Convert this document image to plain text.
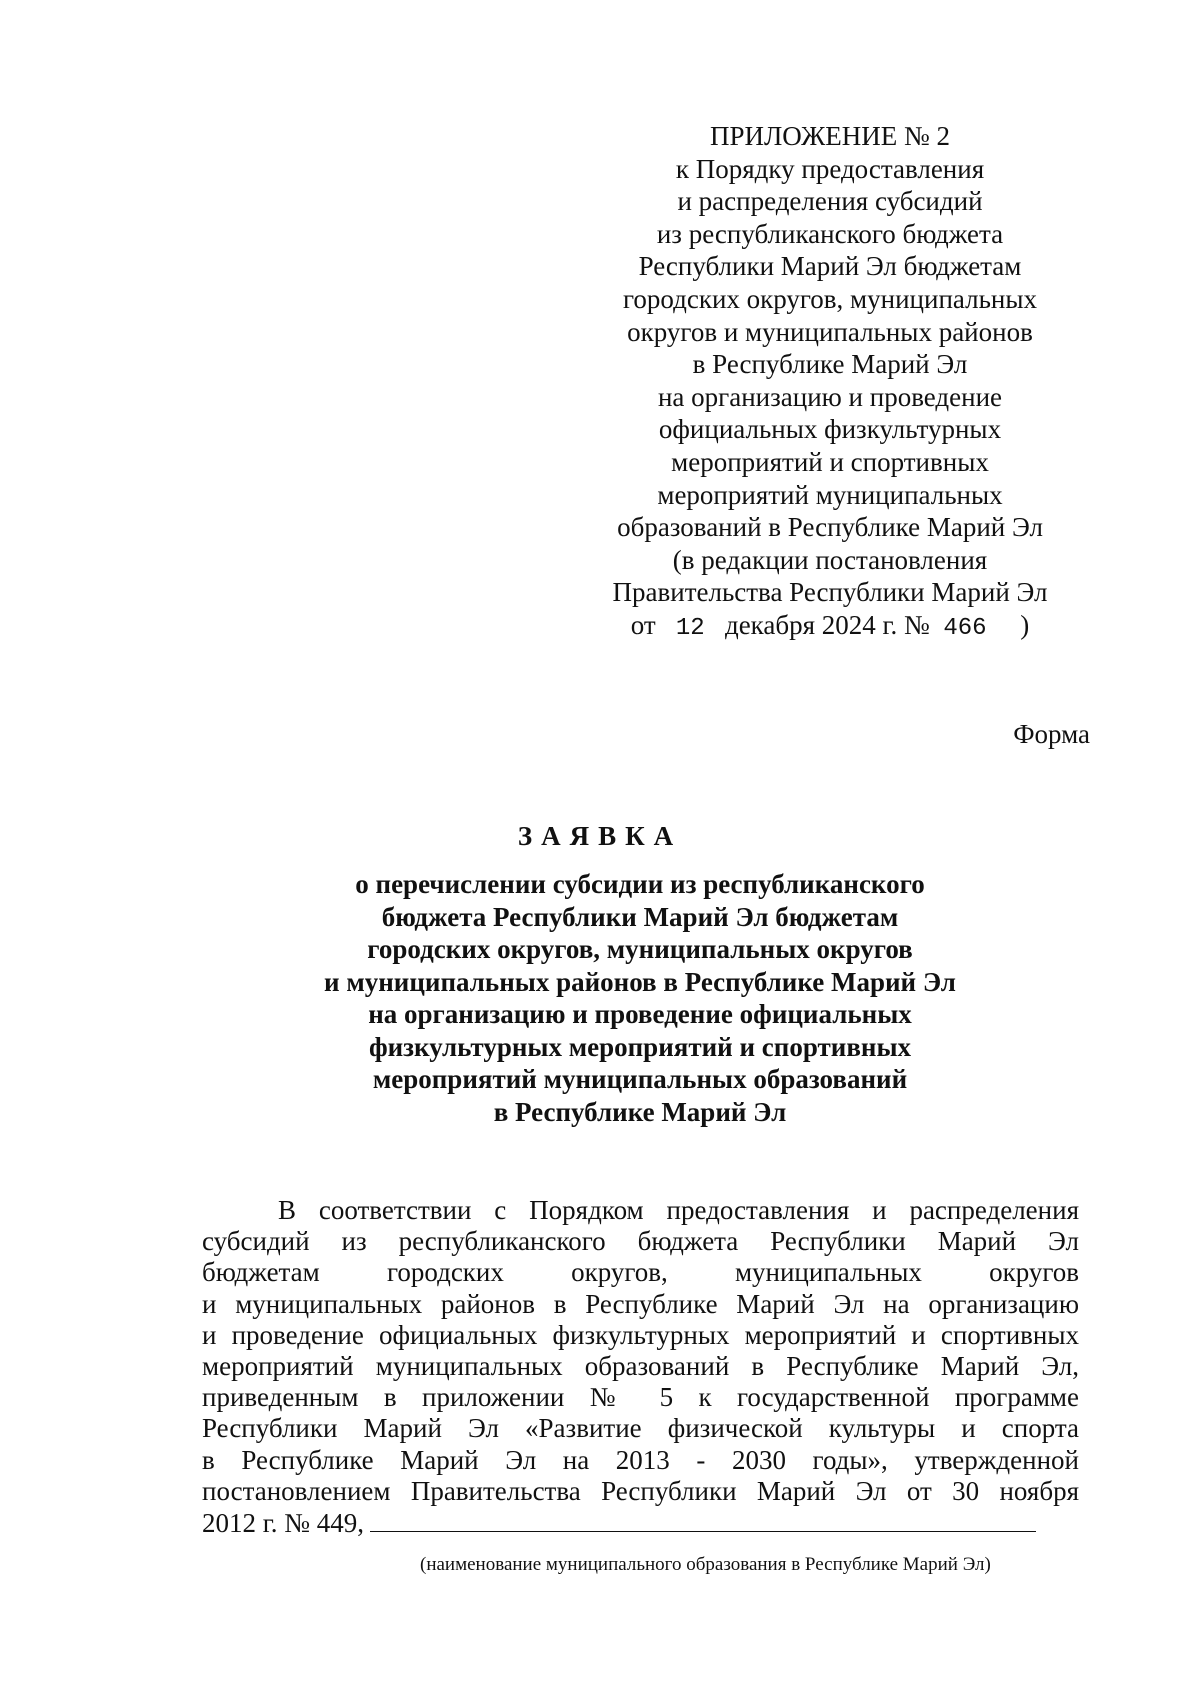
ПРИЛОЖЕНИЕ № 2
к Порядку предоставления
и распределения субсидий
из республиканского бюджета
Республики Марий Эл бюджетам
городских округов, муниципальных
округов и муниципальных районов
в Республике Марий Эл
на организацию и проведение
официальных физкультурных
мероприятий и спортивных
мероприятий муниципальных
образований в Республике Марий Эл
(в редакции постановления
Правительства Республики Марий Эл
от 12 декабря 2024 г. № 466 )
Форма
ЗАЯВКА
о перечислении субсидии из республиканского
бюджета Республики Марий Эл бюджетам
городских округов, муниципальных округов
и муниципальных районов в Республике Марий Эл
на организацию и проведение официальных
физкультурных мероприятий и спортивных
мероприятий муниципальных образований
в Республике Марий Эл
В соответствии с Порядком предоставления и распределения
субсидий из республиканского бюджета Республики Марий Эл
бюджетам городских округов, муниципальных округов
и муниципальных районов в Республике Марий Эл на организацию
и проведение официальных физкультурных мероприятий и спортивных
мероприятий муниципальных образований в Республике Марий Эл,
приведенным в приложении № 5 к государственной программе
Республики Марий Эл «Развитие физической культуры и спорта
в Республике Марий Эл на 2013 - 2030 годы», утвержденной
постановлением Правительства Республики Марий Эл от 30 ноября
2012 г. № 449,
(наименование муниципального образования в Республике Марий Эл)
